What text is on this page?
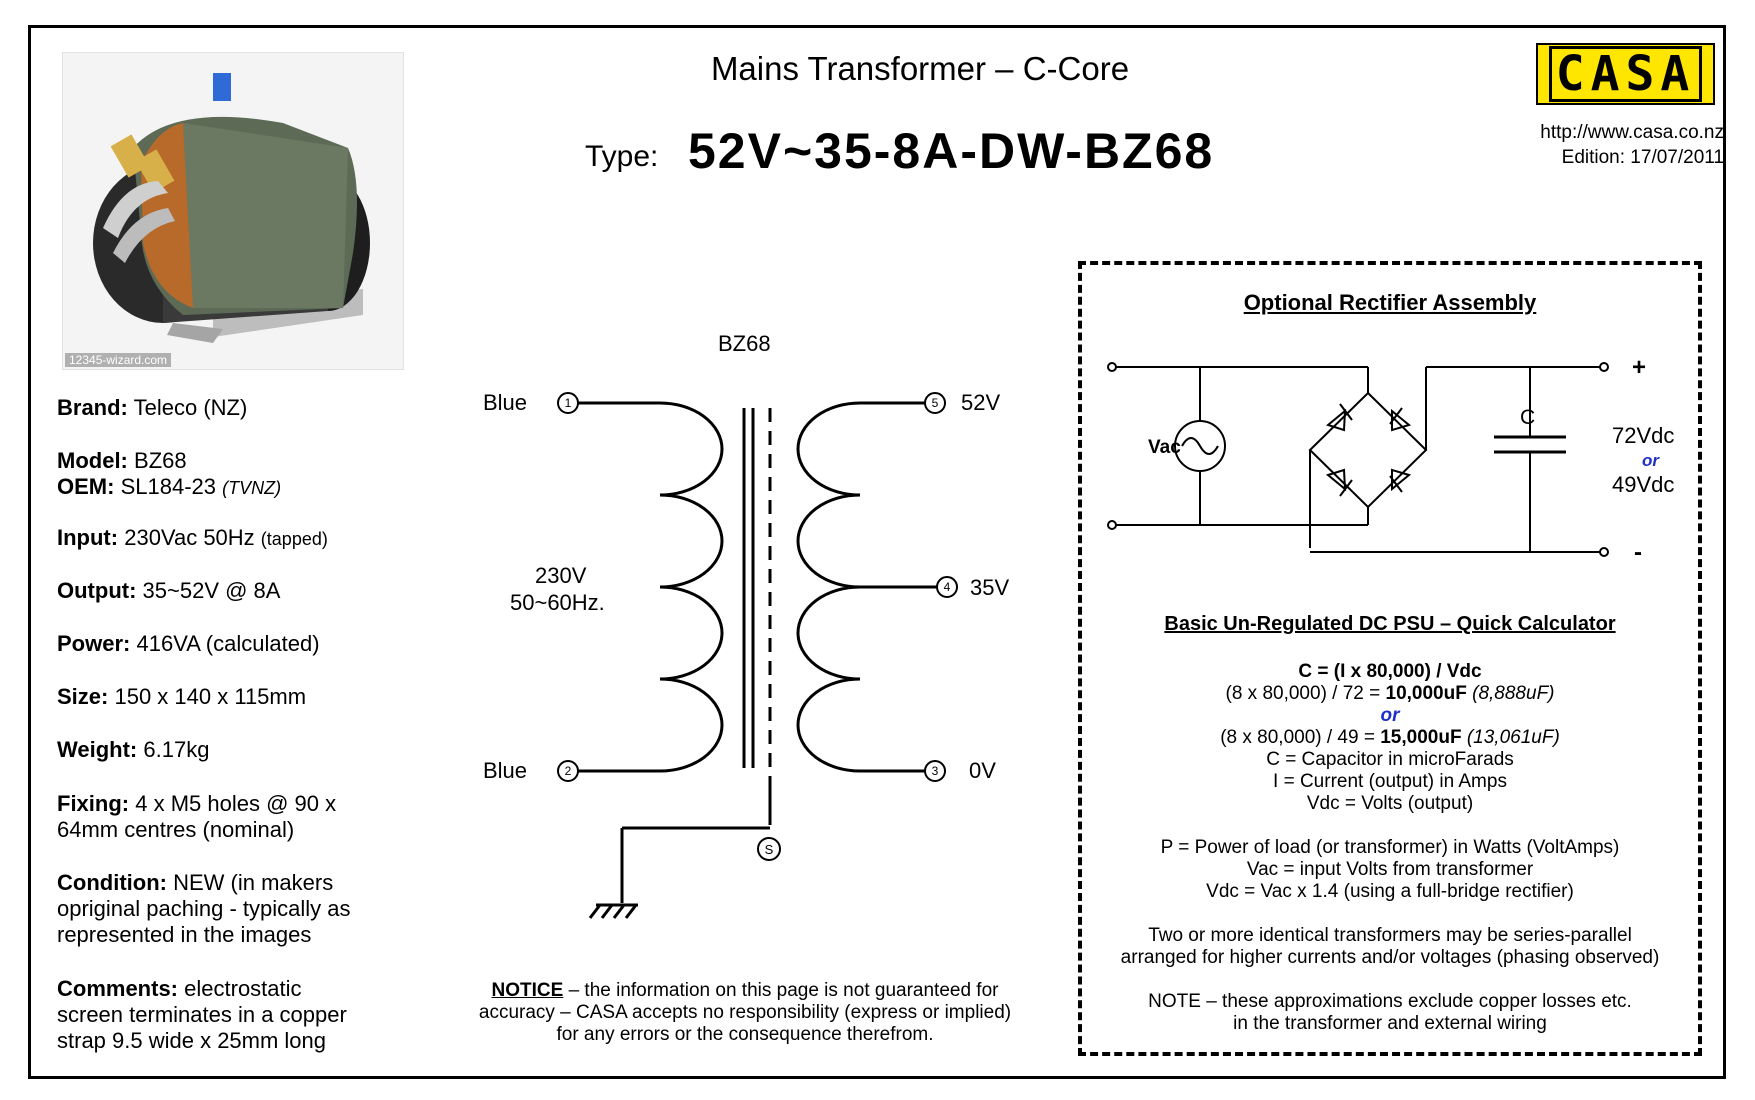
12345-wizard.com
Brand: Teleco (NZ)
Model: BZ68
OEM: SL184-23 (TVNZ)
Input: 230Vac 50Hz (tapped)
Output: 35~52V @ 8A
Power: 416VA (calculated)
Size: 150 x 140 x 115mm
Weight: 6.17kg
Fixing: 4 x M5 holes @ 90 x
64mm centres (nominal)
Condition: NEW (in makers
opriginal paching - typically as
represented in the images
Comments: electrostatic
screen terminates in a copper
strap 9.5 wide x 25mm long
Mains Transformer – C-Core
Type: 52V~35-8A-DW-BZ68
CASA
http://www.casa.co.nz
Edition: 17/07/2011
1
2
5
4
3
S
BZ68
Blue
Blue
230V
50~60Hz.
52V
35V
0V
Optional Rectifier Assembly
Vac
C
+
-
72Vdc
or
49Vdc
Basic Un-Regulated DC PSU – Quick Calculator
C = (I x 80,000) / Vdc
(8 x 80,000) / 72 = 10,000uF (8,888uF)
or
(8 x 80,000) / 49 = 15,000uF (13,061uF)
C = Capacitor in microFarads
I = Current (output) in Amps
Vdc = Volts (output)
P = Power of load (or transformer) in Watts (VoltAmps)
Vac = input Volts from transformer
Vdc = Vac x 1.4 (using a full-bridge rectifier)
Two or more identical transformers may be series-parallel
arranged for higher currents and/or voltages (phasing observed)
NOTE – these approximations exclude copper losses etc.
in the transformer and external wiring
NOTICE – the information on this page is not guaranteed for
accuracy – CASA accepts no responsibility (express or implied)
for any errors or the consequence therefrom.
